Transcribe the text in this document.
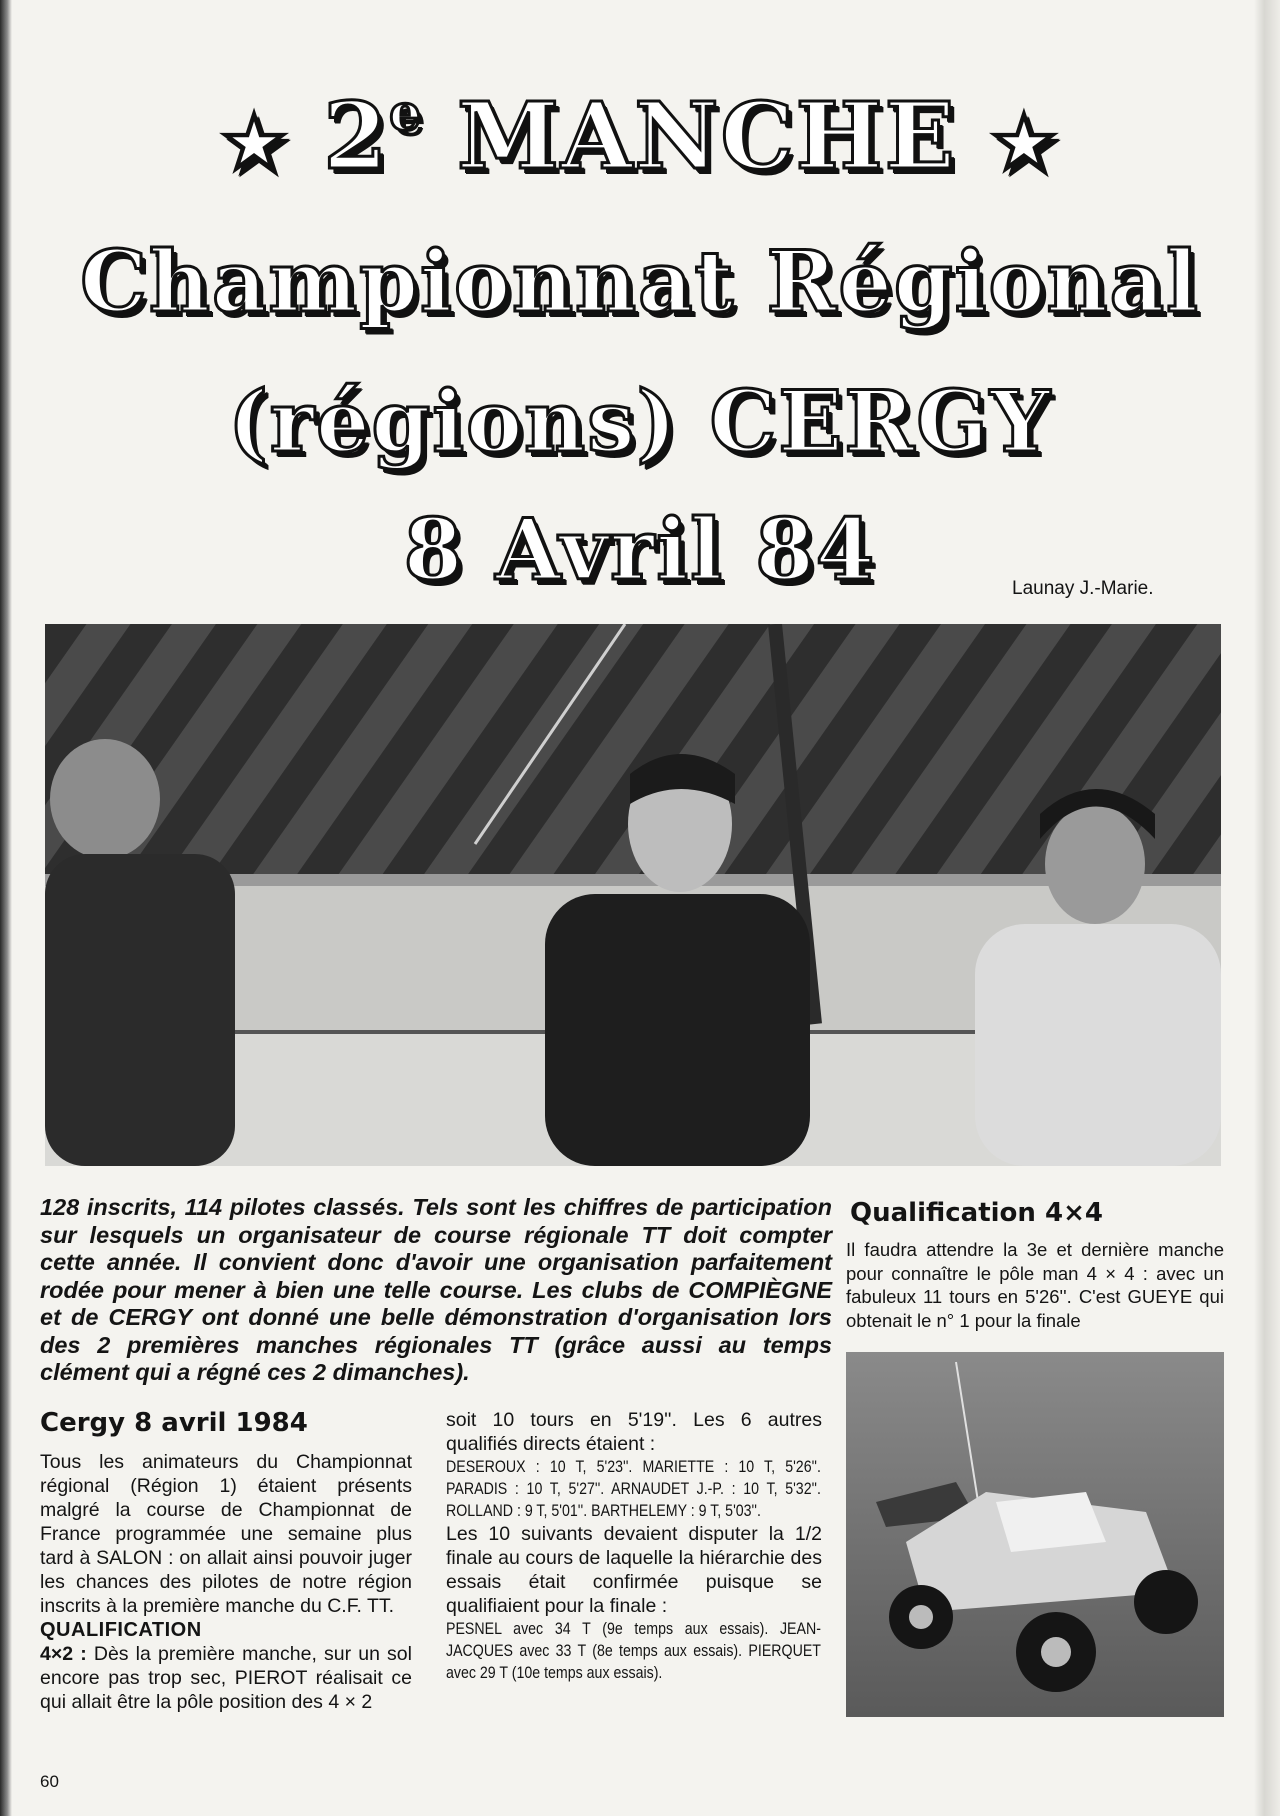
★ 2e MANCHE ★
Championnat Régional
(régions) CERGY
8 Avril 84	Launay J.-Marie.

128 inscrits, 114 pilotes classés. Tels sont les chiffres de participation sur lesquels un organisateur de course régionale TT doit compter cette année. Il convient donc d'avoir une organisation parfaitement rodée pour mener à bien une telle course. Les clubs de COMPIÈGNE et de CERGY ont donné une belle démonstration d'organisation lors des 2 premières manches régionales TT (grâce aussi au temps clément qui a régné ces 2 dimanches).

Qualification 4×4

Il faudra attendre la 3e et dernière manche pour connaître le pôle man 4 × 4 : avec un fabuleux 11 tours en 5'26''. C'est GUEYE qui obtenait le n° 1 pour la finale

Cergy 8 avril 1984

Tous les animateurs du Championnat régional (Région 1) étaient présents malgré la course de Championnat de France programmée une semaine plus tard à SALON : on allait ainsi pouvoir juger les chances des pilotes de notre région inscrits à la première manche du C.F. TT.

QUALIFICATION

4×2 : Dès la première manche, sur un sol encore pas trop sec, PIEROT réalisait ce qui allait être la pôle position des 4 × 2

soit 10 tours en 5'19''. Les 6 autres qualifiés directs étaient :

DESEROUX : 10 T, 5'23''. MARIETTE : 10 T, 5'26''. PARADIS : 10 T, 5'27''. ARNAUDET J.-P. : 10 T, 5'32''. ROLLAND : 9 T, 5'01''. BARTHELEMY : 9 T, 5'03''.

Les 10 suivants devaient disputer la 1/2 finale au cours de laquelle la hiérarchie des essais était confirmée puisque se qualifiaient pour la finale :

PESNEL avec 34 T (9e temps aux essais). JEAN-JACQUES avec 33 T (8e temps aux essais). PIERQUET avec 29 T (10e temps aux essais).

60
